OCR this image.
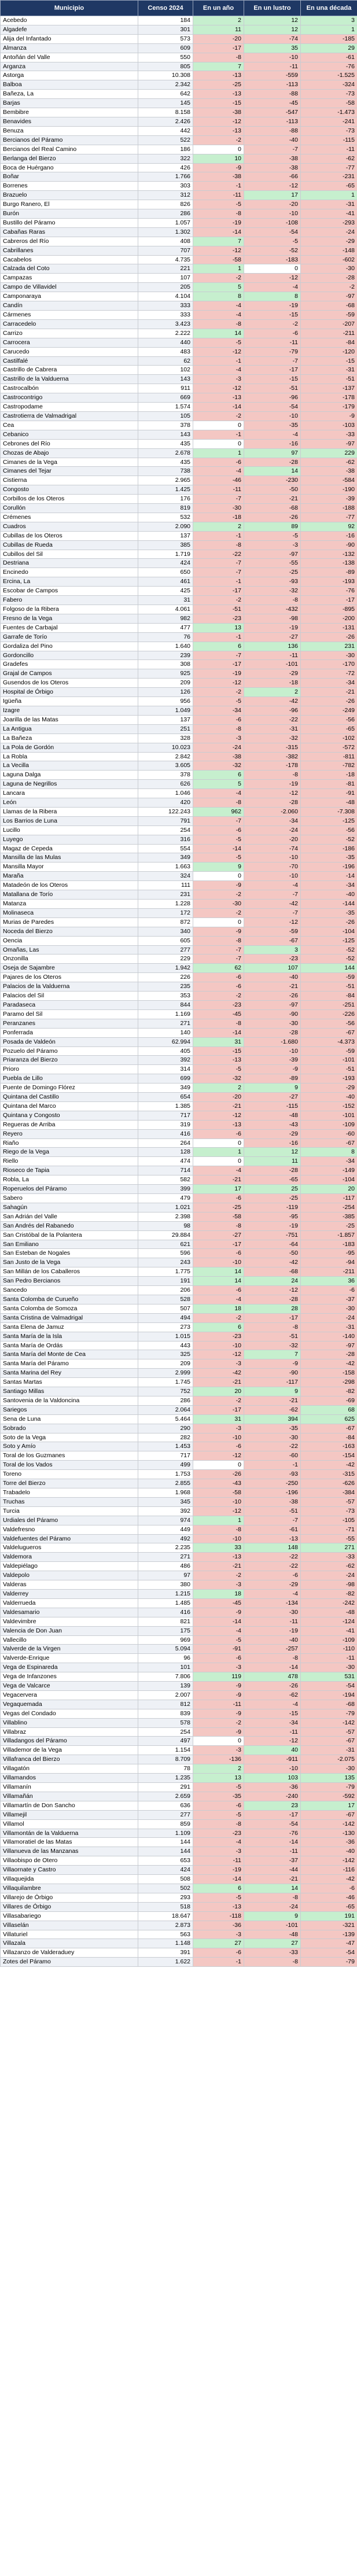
Municipio	Censo 2024	En un año	En un lustro	En una década
Acebedo	184	2	12	3
Algadefe	301	11	12	1
Alija del Infantado	573	-20	-74	-185
Almanza	609	-17	35	29
Antoñán del Valle	550	-8	-10	-61
Arganza	805	7	-11	-76
Astorga	10.308	-13	-559	-1.525
Balboa	2.342	-25	-113	-324
Bañeza, La	642	-13	-88	-73
Barjas	145	-15	-45	-58
Bembibre	8.158	-38	-547	-1.473
Benavides	2.426	-12	-113	-241
Benuza	442	-13	-88	-73
Bercianos del Páramo	522	-2	-40	-115
Bercianos del Real Camino	186	0	-7	-11
Berlanga del Bierzo	322	10	-38	-62
Boca de Huérgano	426	-9	-38	-77
Boñar	1.766	-38	-66	-231
Borrenes	303	-1	-12	-65
Brazuelo	312	-11	17	1
Burgo Ranero, El	826	-5	-20	-31
Burón	286	-8	-10	-41
Bustillo del Páramo	1.057	-19	-108	-293
Cabañas Raras	1.302	-14	-54	-24
Cabreros del Río	408	7	-5	-29
Cabrillanes	707	-12	-52	-148
Cacabelos	4.735	-58	-183	-602
Calzada del Coto	221	1	0	-30
Campazas	107	-2	-12	-28
Campo de Villavidel	205	5	-4	-2
Camponaraya	4.104	8	8	-97
Candín	333	-4	-19	-68
Cármenes	333	-4	-15	-59
Carracedelo	3.423	-8	-2	-207
Carrizo	2.222	14	-6	-211
Carrocera	440	-5	-11	-84
Carucedo	483	-12	-79	-120
Castilfalé	62	-1	-7	-15
Castrillo de Cabrera	102	-4	-17	-31
Castrillo de la Valduerna	143	-3	-15	-51
Castrocalbón	911	-12	-51	-137
Castrocontrigo	669	-13	-96	-178
Castropodame	1.574	-14	-54	-179
Castrotierra de Valmadrigal	105	-2	-10	-9
Cea	378	0	-35	-103
Cebanico	143	-1	-4	-33
Cebrones del Río	435	0	-16	-97
Chozas de Abajo	2.678	1	97	229
Cimanes de la Vega	435	-6	-28	-62
Cimanes del Tejar	738	-4	14	-38
Cistierna	2.965	-46	-230	-584
Congosto	1.425	-11	-50	-190
Corbillos de los Oteros	176	-7	-21	-39
Corullón	819	-30	-68	-188
Crémenes	532	-18	-26	-77
Cuadros	2.090	2	89	92
Cubillas de los Oteros	137	-1	-5	-16
Cubillas de Rueda	385	-8	-3	-90
Cubillos del Sil	1.719	-22	-97	-132
Destriana	424	-7	-55	-138
Encinedo	650	-7	-25	-89
Ercina, La	461	-1	-93	-193
Escobar de Campos	425	-17	-32	-76
Fabero	31	-2	-8	-17
Folgoso de la Ribera	4.061	-51	-432	-895
Fresno de la Vega	982	-23	-98	-200
Fuentes de Carbajal	477	13	-19	-131
Garrafe de Torío	76	-1	-27	-26
Gordaliza del Pino	1.640	6	136	231
Gordoncillo	239	-7	-11	-30
Gradefes	308	-17	-101	-170
Grajal de Campos	925	-19	-29	-72
Gusendos de los Oteros	209	-12	-18	-34
Hospital de Órbigo	126	-2	2	-21
Igüeña	956	-5	-42	-26
Izagre	1.049	-34	-96	-249
Joarilla de las Matas	137	-6	-22	-56
La Antigua	251	-8	-31	-65
La Bañeza	328	-3	-32	-102
La Pola de Gordón	10.023	-24	-315	-572
La Robla	2.842	-38	-382	-811
La Vecilla	3.605	-32	-178	-782
Laguna Dalga	378	6	-8	-18
Laguna de Negrillos	626	5	-19	-81
Lancara	1.046	-4	-12	-91
León	420	-8	-28	-48
Llamas de la Ribera	122.243	962	-2.060	-7.308
Los Barrios de Luna	791	-7	-34	-125
Lucillo	254	-6	-24	-56
Luyego	316	-5	-20	-52
Magaz de Cepeda	554	-14	-74	-186
Mansilla de las Mulas	349	-5	-10	-35
Mansilla Mayor	1.663	9	-70	-196
Maraña	324	0	-10	-14
Matadeón de los Oteros	111	-9	-4	-34
Matallana de Torío	231	-2	-7	-40
Matanza	1.228	-30	-42	-144
Molinaseca	172	-2	-7	-35
Murias de Paredes	872	0	-12	-26
Noceda del Bierzo	340	-9	-59	-104
Oencia	605	-8	-67	-125
Omañas, Las	277	-7	3	-52
Onzonilla	229	-7	-23	-52
Oseja de Sajambre	1.942	62	107	144
Pajares de los Oteros	226	-6	-40	-59
Palacios de la Valduerna	235	-6	-21	-51
Palacios del Sil	353	-2	-26	-84
Paradaseca	844	-23	-97	-251
Paramo del Sil	1.169	-45	-90	-226
Peranzanes	271	-8	-30	-56
Ponferrada	140	-14	-28	-67
Posada de Valdeón	62.994	31	-1.680	-4.373
Pozuelo del Páramo	405	-15	-10	-59
Priaranza del Bierzo	392	-13	-39	-101
Prioro	314	-5	-9	-51
Puebla de Lillo	699	-32	-89	-193
Puente de Domingo Flórez	349	2	9	-29
Quintana del Castillo	654	-20	-27	-40
Quintana del Marco	1.385	-21	-115	-152
Quintana y Congosto	717	-12	-48	-101
Regueras de Arriba	319	-13	-43	-109
Reyero	416	-6	-29	-60
Riaño	264	0	-16	-67
Riego de la Vega	128	1	12	8
Riello	474	0	11	-34
Rioseco de Tapia	714	-4	-28	-149
Robla, La	582	-21	-65	-104
Roperuelos del Páramo	399	17	25	20
Sabero	479	-6	-25	-117
Sahagún	1.021	-25	-119	-254
San Adrián del Valle	2.398	-58	-95	-385
San Andrés del Rabanedo	98	-8	-19	-25
San Cristóbal de la Polantera	29.884	-27	-751	-1.857
San Emiliano	621	-17	-64	-183
San Esteban de Nogales	596	-6	-50	-95
San Justo de la Vega	243	-10	-42	-94
San Millán de los Caballeros	1.775	14	-68	-211
San Pedro Bercianos	191	14	24	36
Sancedo	206	-6	-12	-6
Santa Colomba de Curueño	528	-4	-28	-37
Santa Colomba de Somoza	507	18	28	-30
Santa Cristina de Valmadrigal	494	-2	-17	-24
Santa Elena de Jamuz	273	6	-8	-31
Santa María de la Isla	1.015	-23	-51	-140
Santa María de Ordás	443	-10	-32	-97
Santa María del Monte de Cea	325	-12	7	-28
Santa María del Páramo	209	-3	-9	-42
Santa Marina del Rey	2.999	-42	-90	-158
Santas Martas	1.745	-21	-117	-298
Santiago Millas	752	20	9	-82
Santovenia de la Valdoncina	286	-2	-21	-69
Sariegos	2.064	-17	-62	68
Sena de Luna	5.464	31	394	625
Sobrado	290	-3	-35	-67
Soto de la Vega	282	-10	-30	-84
Soto y Amío	1.453	-6	-22	-163
Toral de los Guzmanes	717	-12	-60	-154
Toral de los Vados	499	0	-1	-42
Toreno	1.753	-26	-93	-315
Torre del Bierzo	2.855	-43	-250	-626
Trabadelo	1.968	-58	-196	-384
Truchas	345	-10	-38	-57
Turcia	392	-12	-51	-73
Urdiales del Páramo	974	1	-7	-105
Valdefresno	449	-8	-61	-71
Valdefuentes del Páramo	492	-10	-13	-55
Valdelugueros	2.235	33	148	271
Valdemora	271	-13	-22	-33
Valdepiélago	486	-21	-22	-62
Valdepolo	97	-2	-6	-24
Valderas	380	-3	-29	-98
Valderrey	1.215	18	-4	-82
Valderrueda	1.485	-45	-134	-242
Valdesamario	416	-9	-30	-48
Valdevimbre	821	-14	-11	-124
Valencia de Don Juan	175	-4	-19	-41
Vallecillo	969	-5	-40	-109
Valverde de la Virgen	5.094	-91	-257	-110
Valverde-Enrique	96	-6	-8	-11
Vega de Espinareda	101	-3	-14	-30
Vega de Infanzones	7.806	119	478	531
Vega de Valcarce	139	-9	-26	-54
Vegacervera	2.007	-9	-62	-194
Vegaquemada	812	-11	-4	-68
Vegas del Condado	839	-9	-15	-79
Villablino	578	-2	-34	-142
Villabraz	254	-9	-11	-57
Villadangos del Páramo	497	0	-12	-67
Villademor de la Vega	1.154	-3	40	-31
Villafranca del Bierzo	8.709	-136	-911	-2.075
Villagatón	78	2	-10	-30
Villamandos	1.235	13	103	135
Villamanín	291	-5	-36	-79
Villamañán	2.659	-35	-240	-592
Villamartín de Don Sancho	636	-6	23	17
Villamejil	277	-5	-17	-67
Villamol	859	-8	-54	-142
Villamontán de la Valduerna	1.109	-23	-76	-130
Villamoratiel de las Matas	144	-4	-14	-36
Villanueva de las Manzanas	144	-3	-11	-40
Villaobispo de Otero	653	-11	-37	-142
Villaornate y Castro	424	-19	-44	-116
Villaquejida	508	-14	-21	-42
Villaquilambre	502	6	14	-6
Villarejo de Órbigo	293	-5	-8	-46
Villares de Órbigo	518	-13	-24	-65
Villasabariego	18.647	-118	9	191
Villaselán	2.873	-36	-101	-321
Villaturiel	563	-3	-48	-139
Villazala	1.148	27	27	-47
Villazanzo de Valderaduey	391	-6	-33	-54
Zotes del Páramo	1.622	-1	-8	-79
